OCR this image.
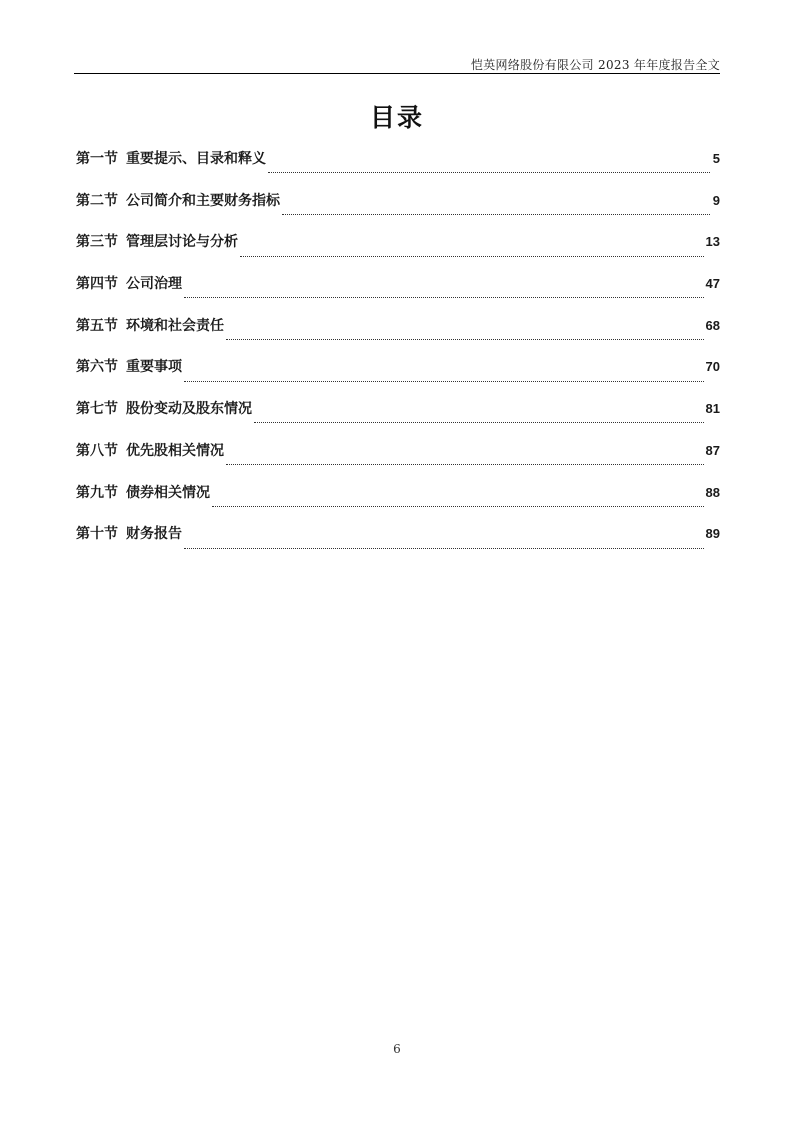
恺英网络股份有限公司 2023 年年度报告全文
目录
第一节 重要提示、目录和释义	5
第二节 公司简介和主要财务指标	9
第三节 管理层讨论与分析	13
第四节 公司治理	47
第五节 环境和社会责任	68
第六节 重要事项	70
第七节 股份变动及股东情况	81
第八节 优先股相关情况	87
第九节 债券相关情况	88
第十节 财务报告	89
6
